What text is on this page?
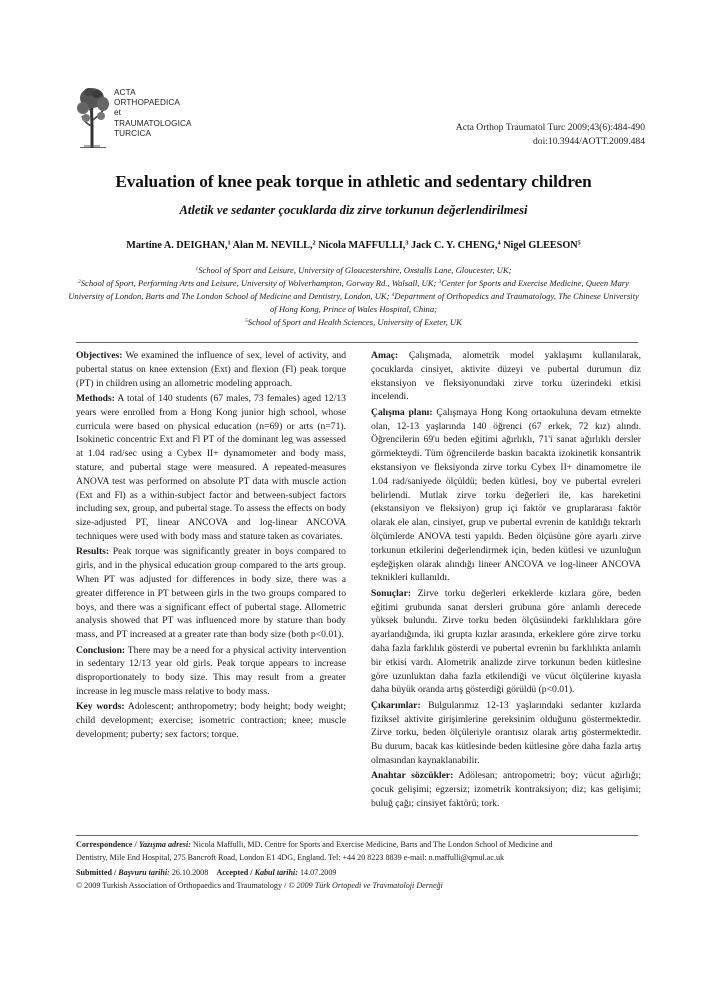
ACTA
ORTHOPAEDICA
et
TRAUMATOLOGICA
TURCICA
Acta Orthop Traumatol Turc 2009;43(6):484-490
doi:10.3944/AOTT.2009.484
Evaluation of knee peak torque in athletic and sedentary children
Atletik ve sedanter çocuklarda diz zirve torkunun değerlendirilmesi
Martine A. DEIGHAN,$^1$ Alan M. NEVILL,$^2$ Nicola MAFFULLI,$^3$ Jack C. Y. CHENG,$^4$ Nigel GLEESON$^5$
$^1$School of Sport and Leisure, University of Gloucestershire, Oxstalls Lane, Gloucester, UK;
$^2$School of Sport, Performing Arts and Leisure, University of Wolverhampton, Gorway Rd., Walsall, UK; $^3$Center for Sports and Exercise Medicine, Queen Mary University of London, Barts and The London School of Medicine and Dentistry, London, UK; $^4$Department of Orthopedics and Traumatology, The Chinese University of Hong Kong, Prince of Wales Hospital, China;
$^5$School of Sport and Health Sciences, University of Exeter, UK

Objectives: We examined the influence of sex, level of activity, and pubertal status on knee extension (Ext) and flexion (Fl) peak torque (PT) in children using an allometric modeling approach.

Methods: A total of 140 students (67 males, 73 females) aged 12/13 years were enrolled from a Hong Kong junior high school, whose curricula were based on physical education (n=69) or arts (n=71). Isokinetic concentric Ext and Fl PT of the dominant leg was assessed at 1.04 rad/sec using a Cybex II+ dynamometer and body mass, stature, and pubertal stage were measured. A repeated-measures ANOVA test was performed on absolute PT data with muscle action (Ext and Fl) as a within-subject factor and between-subject factors including sex, group, and pubertal stage. To assess the effects on body size-adjusted PT, linear ANCOVA and log-linear ANCOVA techniques were used with body mass and stature taken as covariates.

Results: Peak torque was significantly greater in boys compared to girls, and in the physical education group compared to the arts group. When PT was adjusted for differences in body size, there was a greater difference in PT between girls in the two groups compared to boys, and there was a significant effect of pubertal stage. Allometric analysis showed that PT was influenced more by stature than body mass, and PT increased at a greater rate than body size (both p<0.01).

Conclusion: There may be a need for a physical activity intervention in sedentary 12/13 year old girls. Peak torque appears to increase disproportionately to body size. This may result from a greater increase in leg muscle mass relative to body mass.

Key words: Adolescent; anthropometry; body height; body weight; child development; exercise; isometric contraction; knee; muscle development; puberty; sex factors; torque.

Amaç: Çalışmada, alometrik model yaklaşımı kullanılarak, çocuklarda cinsiyet, aktivite düzeyi ve pubertal durumun diz ekstansiyon ve fleksiyonundaki zirve torku üzerindeki etkisi incelendi.

Çalışma planı: Çalışmaya Hong Kong ortaokuluna devam etmekte olan, 12-13 yaşlarında 140 öğrenci (67 erkek, 72 kız) alındı. Öğrencilerin 69'u beden eğitimi ağırlıklı, 71'i sanat ağırlıklı dersler görmekteydi. Tüm öğrencilerde baskın bacakta izokinetik konsantrik ekstansiyon ve fleksiyonda zirve torku Cybex II+ dinamometre ile 1.04 rad/saniyede ölçüldü; beden kütlesi, boy ve pubertal evreleri belirlendi. Mutlak zirve torku değerleri ile, kas hareketini (ekstansiyon ve fleksiyon) grup içi faktör ve gruplararası faktör olarak ele alan, cinsiyet, grup ve pubertal evrenin de katıldığı tekrarlı ölçümlerde ANOVA testi yapıldı. Beden ölçüsüne göre ayarlı zirve torkunun etkilerini değerlendirmek için, beden kütlesi ve uzunluğun eşdeğişken olarak alındığı lineer ANCOVA ve log-lineer ANCOVA teknikleri kullanıldı.

Sonuçlar: Zirve torku değerleri erkeklerde kızlara göre, beden eğitimi grubunda sanat dersleri grubuna göre anlamlı derecede yüksek bulundu. Zirve torku beden ölçüsündeki farklılıklara göre ayarlandığında, iki grupta kızlar arasında, erkeklere göre zirve torku daha fazla farklılık gösterdi ve pubertal evrenin bu farklılıkta anlamlı bir etkisi vardı. Alometrik analizde zirve torkunun beden kütlesine göre uzunluktan daha fazla etkilendiği ve vücut ölçülerine kıyasla daha büyük oranda artış gösterdiği görüldü (p<0.01).

Çıkarımlar: Bulgularımız 12-13 yaşlarındaki sedanter kızlarda fiziksel aktivite girişimlerine gereksinim olduğunu göstermektedir. Zirve torku, beden ölçüleriyle orantısız olarak artış göstermektedir. Bu durum, bacak kas kütlesinde beden kütlesine göre daha fazla artış olmasından kaynaklanabilir.

Anahtar sözcükler: Adölesan; antropometri; boy; vücut ağırlığı; çocuk gelişimi; egzersiz; izometrik kontraksiyon; diz; kas gelişimi; buluğ çağı; cinsiyet faktörü; tork.

Correspondence / Yazışma adresi: Nicola Maffulli, MD. Centre for Sports and Exercise Medicine, Barts and The London School of Medicine and
Dentistry, Mile End Hospital, 275 Bancroft Road, London E1 4DG, England. Tel: +44 20 8223 8839 e-mail: n.maffulli@qmul.ac.uk
Submitted / Başvuru tarihi: 26.10.2008 Accepted / Kabul tarihi: 14.07.2009
© 2009 Turkish Association of Orthopaedics and Traumatology / © 2009 Türk Ortopedi ve Travmatoloji Derneği
